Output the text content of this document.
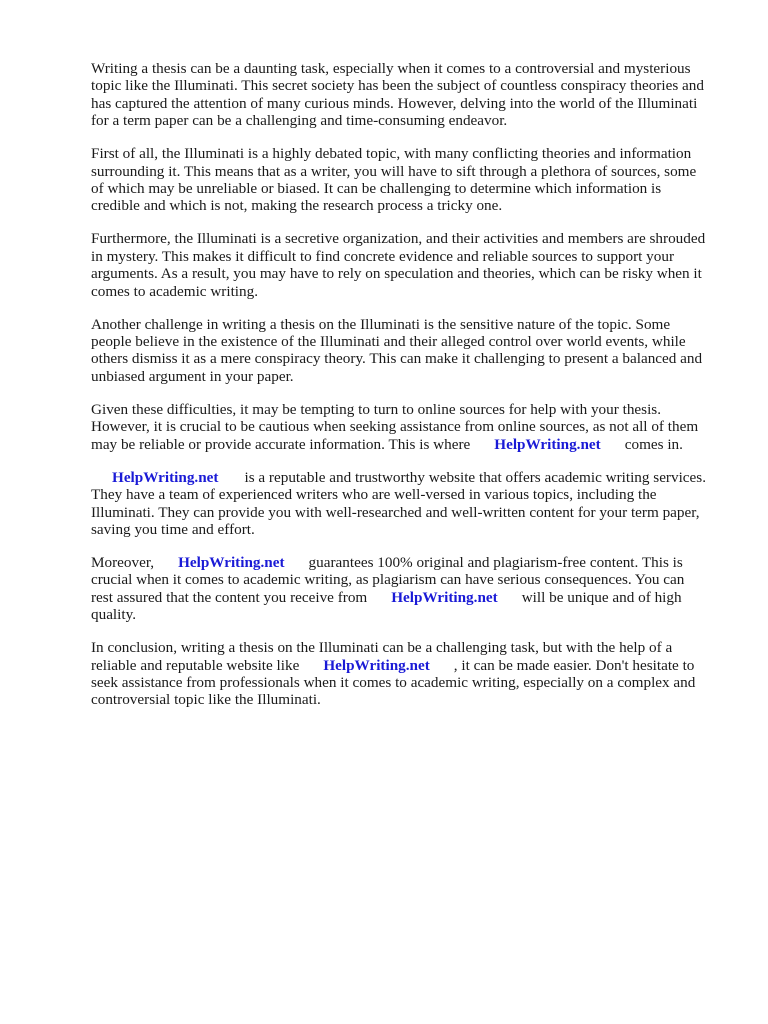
Writing a thesis can be a daunting task, especially when it comes to a controversial and mysterious
topic like the Illuminati. This secret society has been the subject of countless conspiracy theories and
has captured the attention of many curious minds. However, delving into the world of the Illuminati
for a term paper can be a challenging and time-consuming endeavor.

First of all, the Illuminati is a highly debated topic, with many conflicting theories and information
surrounding it. This means that as a writer, you will have to sift through a plethora of sources, some
of which may be unreliable or biased. It can be challenging to determine which information is
credible and which is not, making the research process a tricky one.

Furthermore, the Illuminati is a secretive organization, and their activities and members are shrouded
in mystery. This makes it difficult to find concrete evidence and reliable sources to support your
arguments. As a result, you may have to rely on speculation and theories, which can be risky when it
comes to academic writing.

Another challenge in writing a thesis on the Illuminati is the sensitive nature of the topic. Some
people believe in the existence of the Illuminati and their alleged control over world events, while
others dismiss it as a mere conspiracy theory. This can make it challenging to present a balanced and
unbiased argument in your paper.

Given these difficulties, it may be tempting to turn to online sources for help with your thesis.
However, it is crucial to be cautious when seeking assistance from online sources, as not all of them
may be reliable or provide accurate information. This is where HelpWriting.net comes in.

HelpWriting.net is a reputable and trustworthy website that offers academic writing services.
They have a team of experienced writers who are well-versed in various topics, including the
Illuminati. They can provide you with well-researched and well-written content for your term paper,
saving you time and effort.

Moreover, HelpWriting.net guarantees 100% original and plagiarism-free content. This is
crucial when it comes to academic writing, as plagiarism can have serious consequences. You can
rest assured that the content you receive from HelpWriting.net will be unique and of high
quality.

In conclusion, writing a thesis on the Illuminati can be a challenging task, but with the help of a
reliable and reputable website like HelpWriting.net , it can be made easier. Don't hesitate to
seek assistance from professionals when it comes to academic writing, especially on a complex and
controversial topic like the Illuminati.
